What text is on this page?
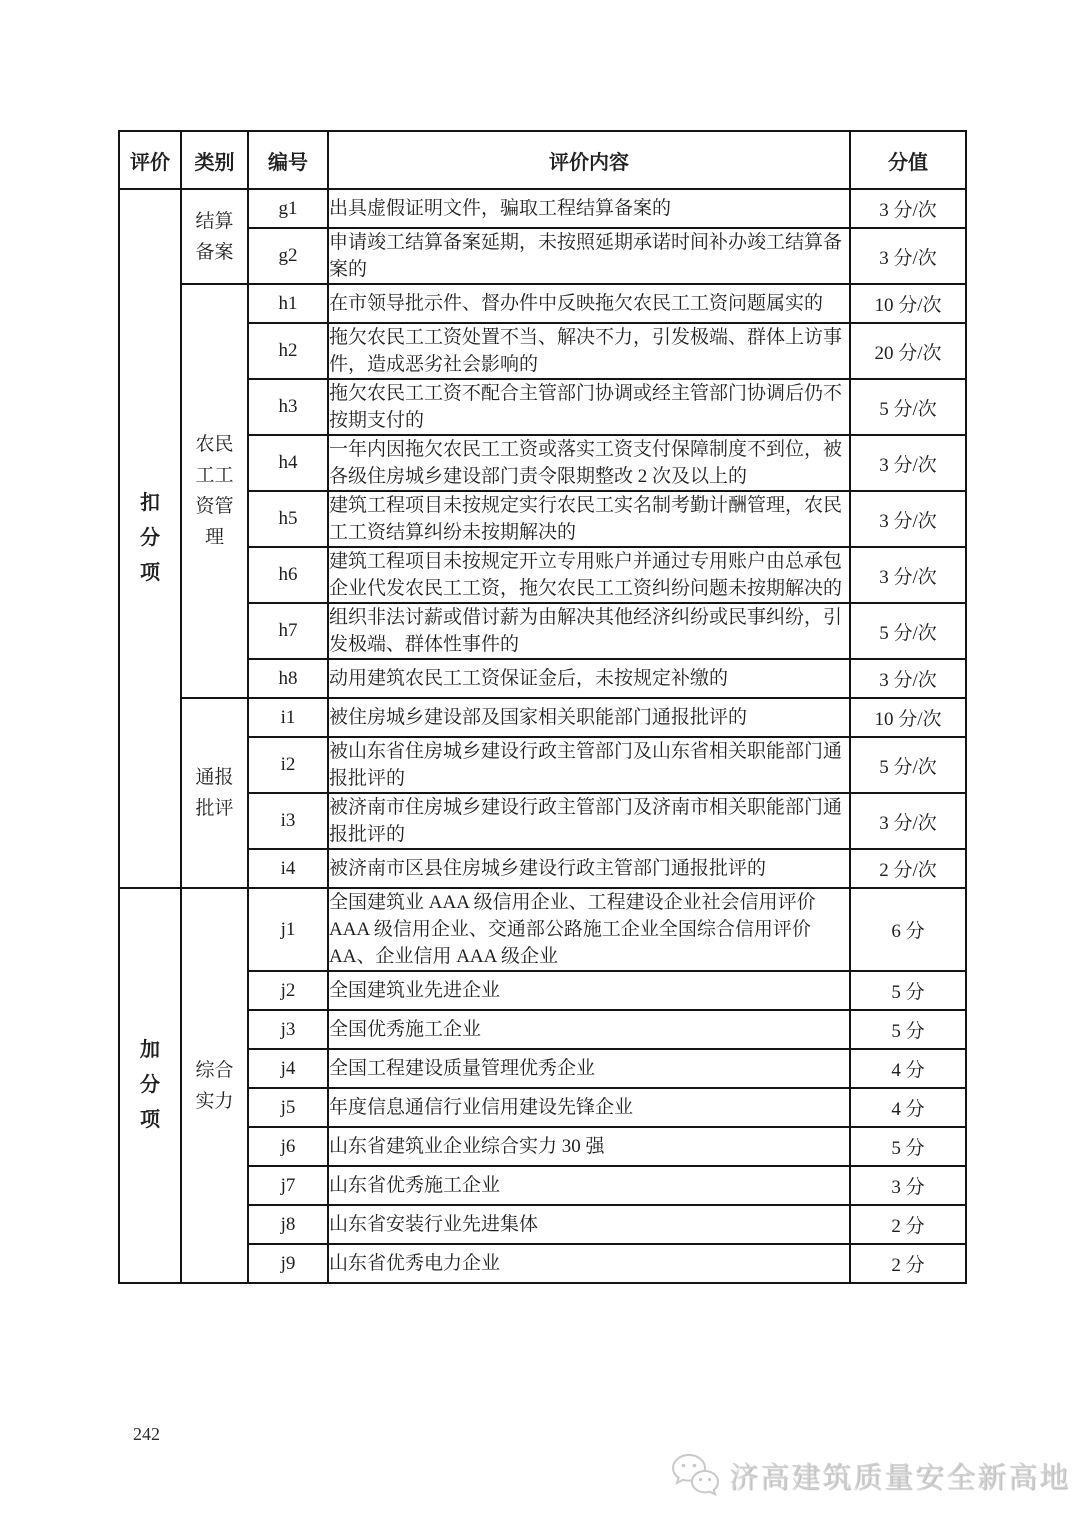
评价	类别	编号	评价内容	分值

扣分项	结算备案	g1	出具虚假证明文件，骗取工程结算备案的	3 分/次
		g2	申请竣工结算备案延期，未按照延期承诺时间补办竣工结算备案的	3 分/次

	农民工工资管理	h1	在市领导批示件、督办件中反映拖欠农民工工资问题属实的	10 分/次
		h2	拖欠农民工工资处置不当、解决不力，引发极端、群体上访事件，造成恶劣社会影响的	20 分/次
		h3	拖欠农民工工资不配合主管部门协调或经主管部门协调后仍不按期支付的	5 分/次
		h4	一年内因拖欠农民工工资或落实工资支付保障制度不到位，被各级住房城乡建设部门责令限期整改 2 次及以上的	3 分/次
		h5	建筑工程项目未按规定实行农民工实名制考勤计酬管理，农民工工资结算纠纷未按期解决的	3 分/次
		h6	建筑工程项目未按规定开立专用账户并通过专用账户由总承包企业代发农民工工资，拖欠农民工工资纠纷问题未按期解决的	3 分/次
		h7	组织非法讨薪或借讨薪为由解决其他经济纠纷或民事纠纷，引发极端、群体性事件的	5 分/次
		h8	动用建筑农民工工资保证金后，未按规定补缴的	3 分/次

	通报批评	i1	被住房城乡建设部及国家相关职能部门通报批评的	10 分/次
		i2	被山东省住房城乡建设行政主管部门及山东省相关职能部门通报批评的	5 分/次
		i3	被济南市住房城乡建设行政主管部门及济南市相关职能部门通报批评的	3 分/次
		i4	被济南市区县住房城乡建设行政主管部门通报批评的	2 分/次

加分项	综合实力	j1	全国建筑业 AAA 级信用企业、工程建设企业社会信用评价 AAA 级信用企业、交通部公路施工企业全国综合信用评价 AA、企业信用 AAA 级企业	6 分
		j2	全国建筑业先进企业	5 分
		j3	全国优秀施工企业	5 分
		j4	全国工程建设质量管理优秀企业	4 分
		j5	年度信息通信行业信用建设先锋企业	4 分
		j6	山东省建筑业企业综合实力 30 强	5 分
		j7	山东省优秀施工企业	3 分
		j8	山东省安装行业先进集体	2 分
		j9	山东省优秀电力企业	2 分
242
济高建筑质量安全新高地
